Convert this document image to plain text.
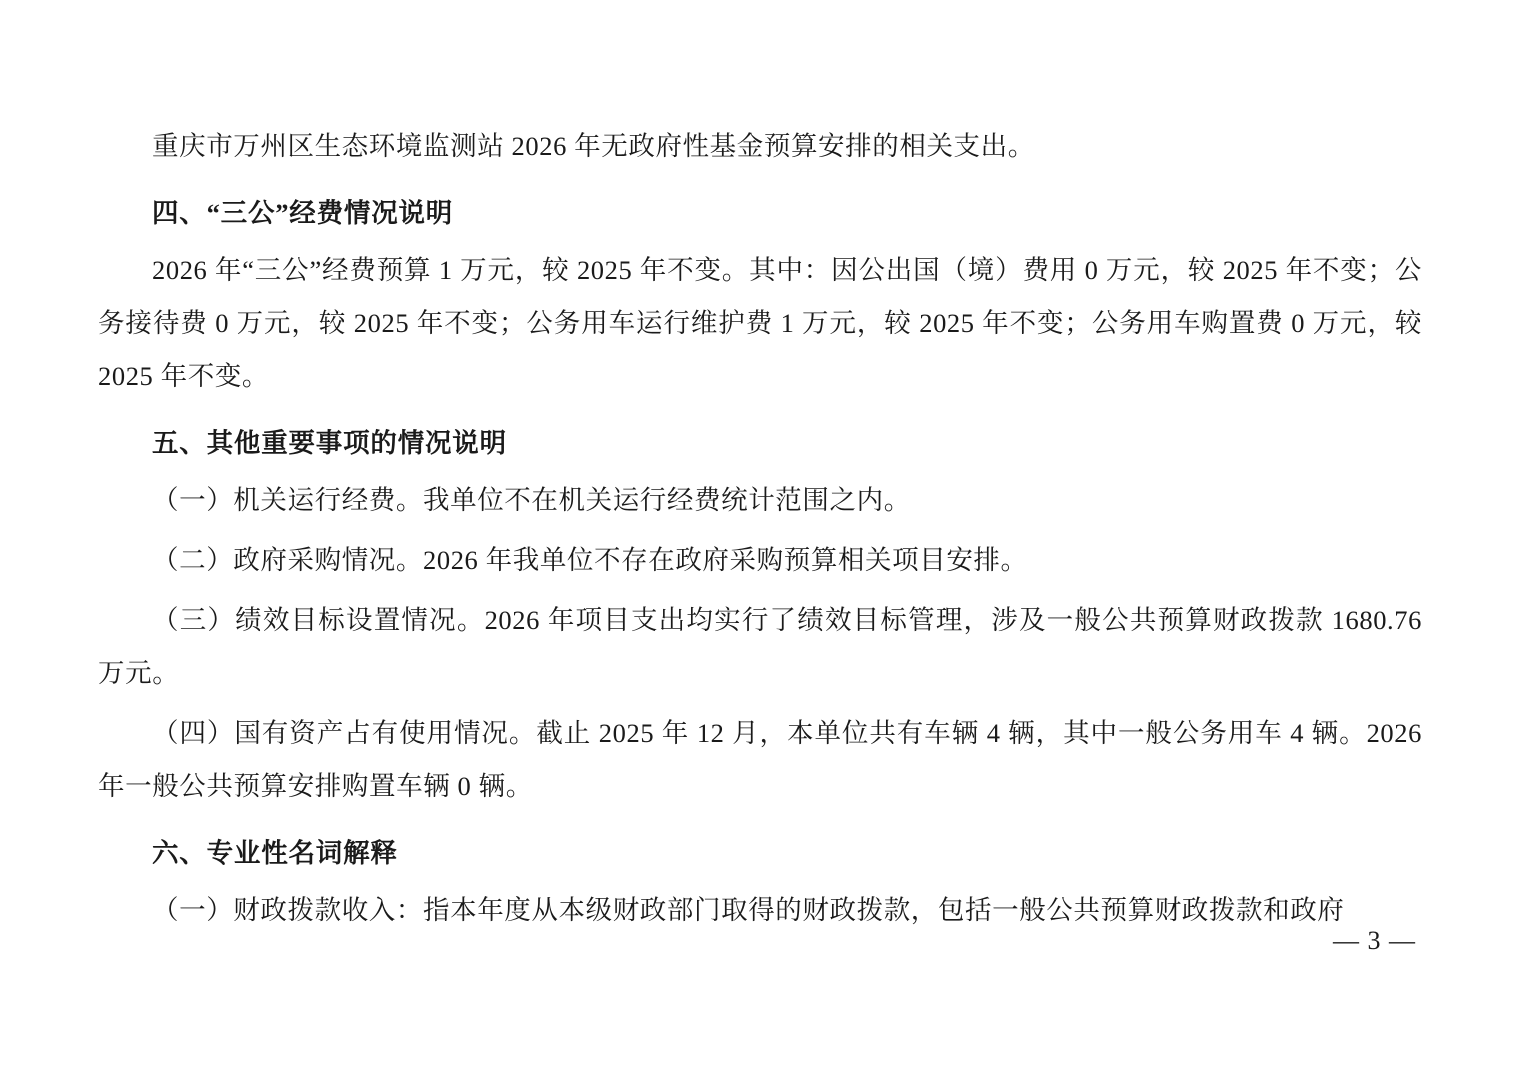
重庆市万州区生态环境监测站 2026 年无政府性基金预算安排的相关支出。

四、“三公”经费情况说明

2026 年“三公”经费预算 1 万元，较 2025 年不变。其中：因公出国（境）费用 0 万元，较 2025 年不变；公务接待费 0 万元，较 2025 年不变；公务用车运行维护费 1 万元，较 2025 年不变；公务用车购置费 0 万元，较 2025 年不变。

五、其他重要事项的情况说明

（一）机关运行经费。我单位不在机关运行经费统计范围之内。

（二）政府采购情况。2026 年我单位不存在政府采购预算相关项目安排。

（三）绩效目标设置情况。2026 年项目支出均实行了绩效目标管理，涉及一般公共预算财政拨款 1680.76 万元。

（四）国有资产占有使用情况。截止 2025 年 12 月，本单位共有车辆 4 辆，其中一般公务用车 4 辆。2026 年一般公共预算安排购置车辆 0 辆。

六、专业性名词解释

（一）财政拨款收入：指本年度从本级财政部门取得的财政拨款，包括一般公共预算财政拨款和政府

— 3 —
